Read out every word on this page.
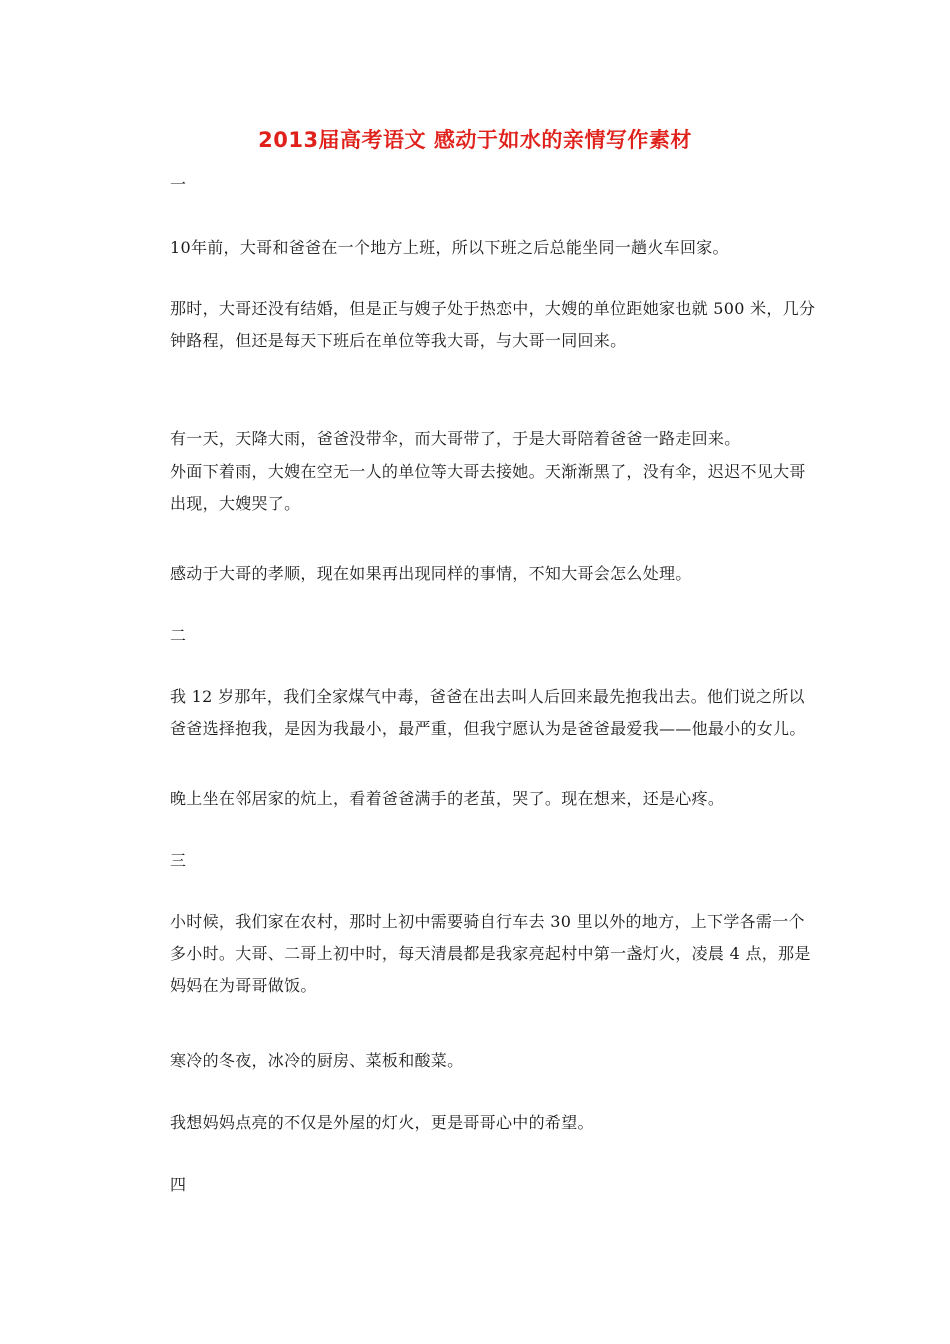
2013届高考语文 感动于如水的亲情写作素材
一
10年前，大哥和爸爸在一个地方上班，所以下班之后总能坐同一趟火车回家。
那时，大哥还没有结婚，但是正与嫂子处于热恋中，大嫂的单位距她家也就 500 米，几分钟路程，但还是每天下班后在单位等我大哥，与大哥一同回来。
有一天，天降大雨，爸爸没带伞，而大哥带了，于是大哥陪着爸爸一路走回来。
外面下着雨，大嫂在空无一人的单位等大哥去接她。天渐渐黑了，没有伞，迟迟不见大哥出现，大嫂哭了。
感动于大哥的孝顺，现在如果再出现同样的事情，不知大哥会怎么处理。
二
我 12 岁那年，我们全家煤气中毒，爸爸在出去叫人后回来最先抱我出去。他们说之所以爸爸选择抱我，是因为我最小，最严重，但我宁愿认为是爸爸最爱我——他最小的女儿。
晚上坐在邻居家的炕上，看着爸爸满手的老茧，哭了。现在想来，还是心疼。
三
小时候，我们家在农村，那时上初中需要骑自行车去 30 里以外的地方，上下学各需一个多小时。大哥、二哥上初中时，每天清晨都是我家亮起村中第一盏灯火，凌晨 4 点，那是妈妈在为哥哥做饭。
寒冷的冬夜，冰冷的厨房、菜板和酸菜。
我想妈妈点亮的不仅是外屋的灯火，更是哥哥心中的希望。
四
